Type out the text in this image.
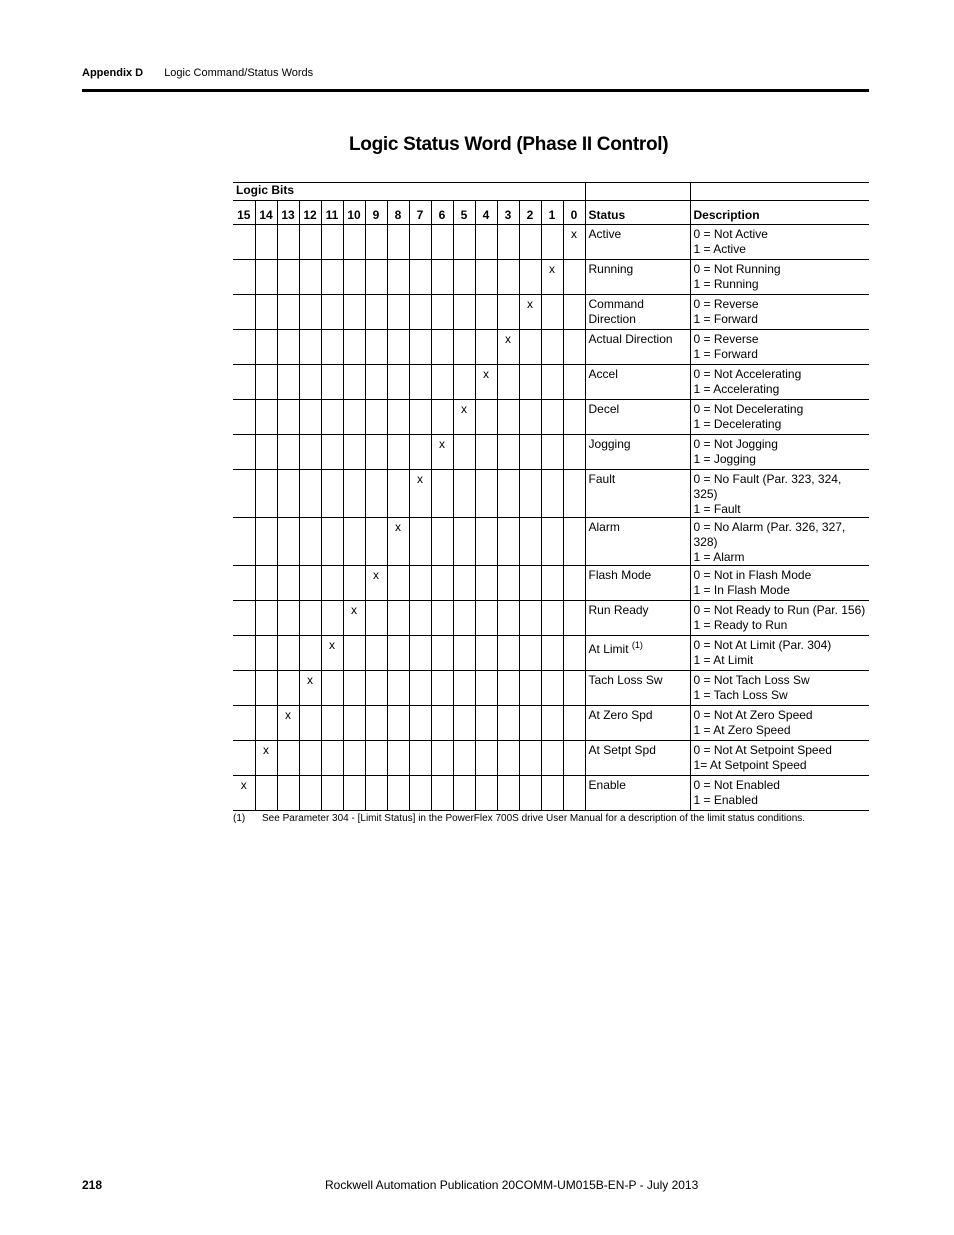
Appendix D Logic Command/Status Words
Logic Status Word (Phase II Control)
Logic Bits																	
15	14	13	12	11	10	9	8	7	6	5	4	3	2	1	0	Status	Description
															x	Active	0 = Not Active
1 = Active

														x		Running	0 = Not Running
1 = Running

													x			Command Direction	0 = Reverse
1 = Forward

												x				Actual Direction	0 = Reverse
1 = Forward

											x					Accel	0 = Not Accelerating
1 = Accelerating

										x						Decel	0 = Not Decelerating
1 = Decelerating

									x							Jogging	0 = Not Jogging
1 = Jogging

								x								Fault	0 = No Fault (Par. 323, 324, 325)
1 = Fault

							x									Alarm	0 = No Alarm (Par. 326, 327, 328)
1 = Alarm

						x										Flash Mode	0 = Not in Flash Mode
1 = In Flash Mode

					x											Run Ready	0 = Not Ready to Run (Par. 156)
1 = Ready to Run

				x												At Limit $^{(1)}$	0 = Not At Limit (Par. 304)
1 = At Limit

			x													Tach Loss Sw	0 = Not Tach Loss Sw
1 = Tach Loss Sw

		x														At Zero Spd	0 = Not At Zero Speed
1 = At Zero Speed

	x															At Setpt Spd	0 = Not At Setpoint Speed
1= At Setpoint Speed

x																Enable	0 = Not Enabled
1 = Enabled
(1) See Parameter 304 - [Limit Status] in the PowerFlex 700S drive User Manual for a description of the limit status conditions.
218	Rockwell Automation Publication 20COMM-UM015B-EN-P - July 2013
